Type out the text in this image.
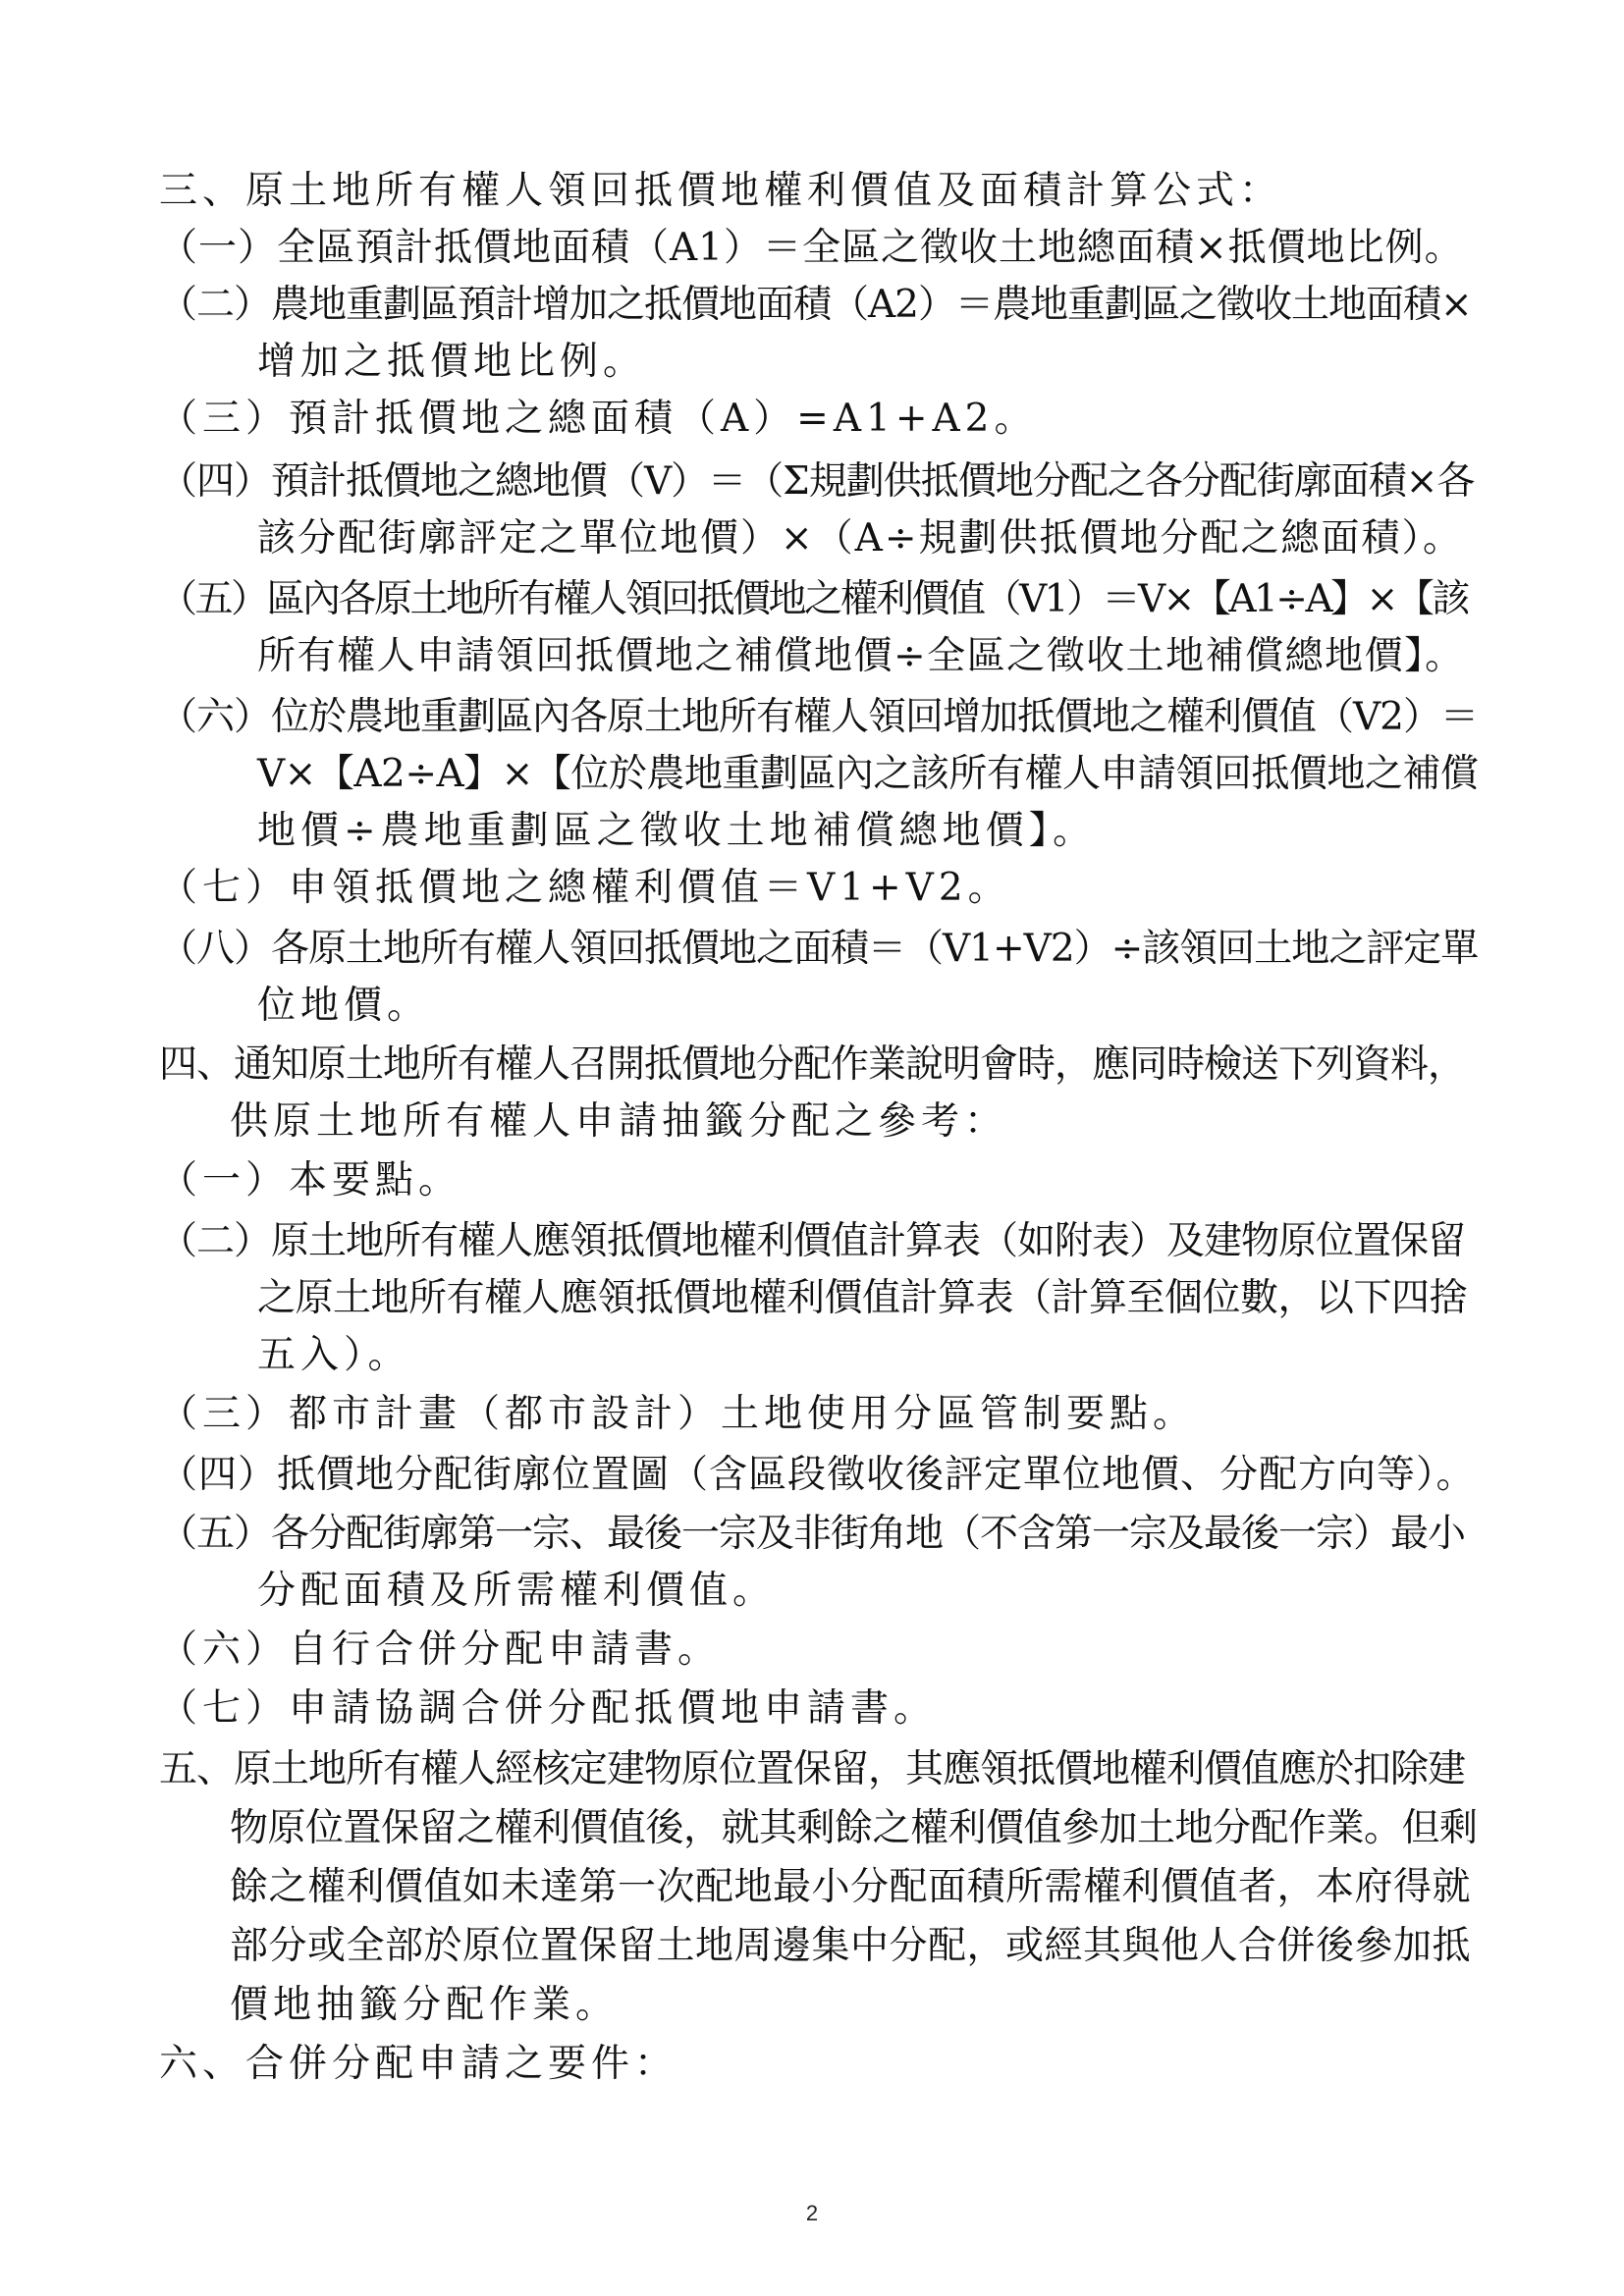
三、原土地所有權人領回抵價地權利價值及面積計算公式：
（一）全區預計抵價地面積（A1）＝全區之徵收土地總面積×抵價地比例。
（二）農地重劃區預計增加之抵價地面積（A2）＝農地重劃區之徵收土地面積×
增加之抵價地比例。
（三）預計抵價地之總面積（A）=A1+A2。
（四）預計抵價地之總地價（V）＝（Σ規劃供抵價地分配之各分配街廓面積×各
該分配街廓評定之單位地價）×（A÷規劃供抵價地分配之總面積）。
（五）區內各原土地所有權人領回抵價地之權利價值（V1）＝V×【A1÷A】×【該
所有權人申請領回抵價地之補償地價÷全區之徵收土地補償總地價】。
（六）位於農地重劃區內各原土地所有權人領回增加抵價地之權利價值（V2）＝
V×【A2÷A】×【位於農地重劃區內之該所有權人申請領回抵價地之補償
地價÷農地重劃區之徵收土地補償總地價】。
（七）申領抵價地之總權利價值＝V1+V2。
（八）各原土地所有權人領回抵價地之面積＝（V1+V2）÷該領回土地之評定單
位地價。
四、通知原土地所有權人召開抵價地分配作業說明會時，應同時檢送下列資料，
供原土地所有權人申請抽籤分配之參考：
（一）本要點。
（二）原土地所有權人應領抵價地權利價值計算表（如附表）及建物原位置保留
之原土地所有權人應領抵價地權利價值計算表（計算至個位數，以下四捨
五入）。
（三）都市計畫（都市設計）土地使用分區管制要點。
（四）抵價地分配街廓位置圖（含區段徵收後評定單位地價、分配方向等）。
（五）各分配街廓第一宗、最後一宗及非街角地（不含第一宗及最後一宗）最小
分配面積及所需權利價值。
（六）自行合併分配申請書。
（七）申請協調合併分配抵價地申請書。
五、原土地所有權人經核定建物原位置保留，其應領抵價地權利價值應於扣除建
物原位置保留之權利價值後，就其剩餘之權利價值參加土地分配作業。但剩
餘之權利價值如未達第一次配地最小分配面積所需權利價值者，本府得就
部分或全部於原位置保留土地周邊集中分配，或經其與他人合併後參加抵
價地抽籤分配作業。
六、合併分配申請之要件：
2
